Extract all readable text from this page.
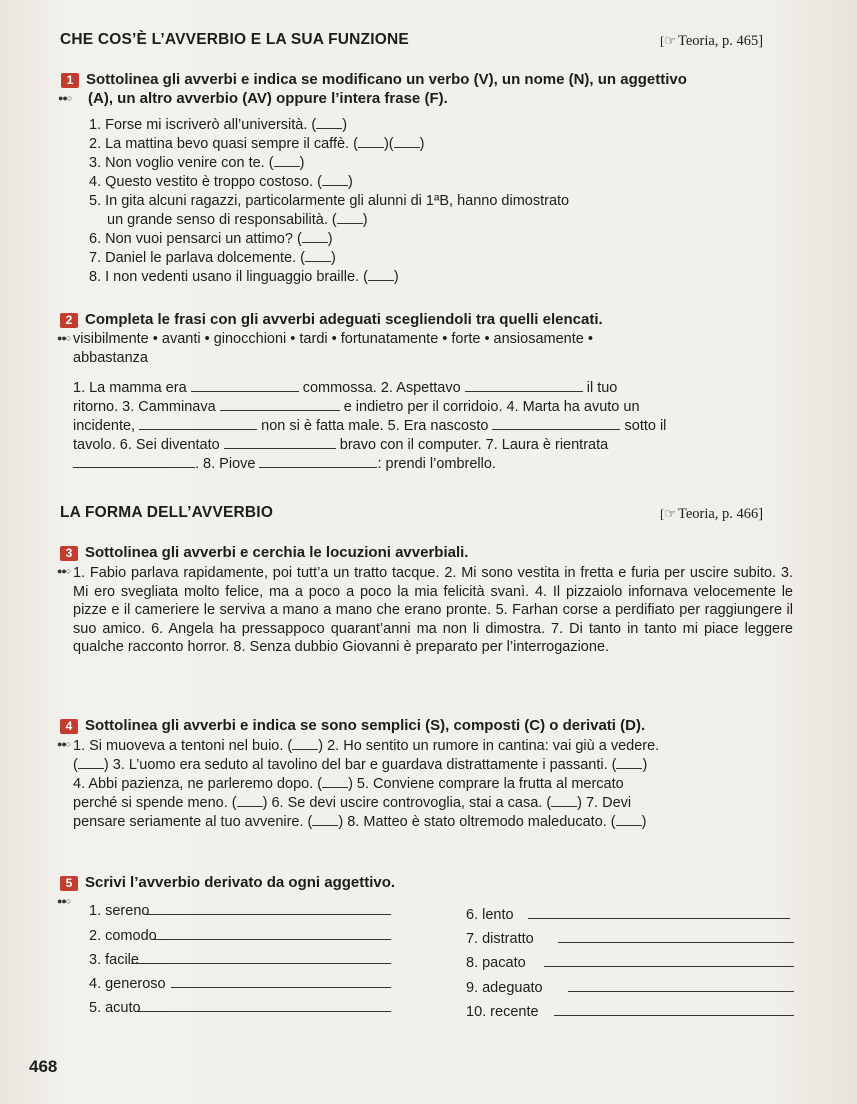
CHE COS’È L’AVVERBIO E LA SUA FUNZIONE	[☞ Teoria, p. 465]
1
●●○
Sottolinea gli avverbi e indica se modificano un verbo (V), un nome (N), un aggettivo
(A), un altro avverbio (AV) oppure l’intera frase (F).
1. Forse mi iscriverò all’università. ( )
2. La mattina bevo quasi sempre il caffè. ( )( )
3. Non voglio venire con te. ( )
4. Questo vestito è troppo costoso. ( )
5. In gita alcuni ragazzi, particolarmente gli alunni di 1ªB, hanno dimostrato
un grande senso di responsabilità. ( )
6. Non vuoi pensarci un attimo? ( )
7. Daniel le parlava dolcemente. ( )
8. I non vedenti usano il linguaggio braille. ( )
2
●●○
Completa le frasi con gli avverbi adeguati scegliendoli tra quelli elencati.
visibilmente • avanti • ginocchioni • tardi • fortunatamente • forte • ansiosamente •
abbastanza
1. La mamma era	commossa. 2. Aspettavo	il tuo
ritorno. 3. Camminava	e indietro per il corridoio. 4. Marta ha avuto un
incidente,	non si è fatta male. 5. Era nascosto	sotto il
tavolo. 6. Sei diventato	bravo con il computer. 7. Laura è rientrata
. 8. Piove	: prendi l’ombrello.
LA FORMA DELL’AVVERBIO	[☞ Teoria, p. 466]
3
●●○
Sottolinea gli avverbi e cerchia le locuzioni avverbiali.
1. Fabio parlava rapidamente, poi tutt’a un tratto tacque. 2. Mi sono vestita in fretta e furia per uscire subito. 3. Mi ero svegliata molto felice, ma a poco a poco la mia felicità svanì. 4. Il pizzaiolo infornava velocemente le pizze e il cameriere le serviva a mano a mano che erano pronte. 5. Farhan corse a perdifiato per raggiungere il suo amico. 6. Angela ha pressappoco quarant’anni ma non li dimostra. 7. Di tanto in tanto mi piace leggere qualche racconto horror. 8. Senza dubbio Giovanni è preparato per l’interrogazione.
4
●●○
Sottolinea gli avverbi e indica se sono semplici (S), composti (C) o derivati (D).
1. Si muoveva a tentoni nel buio. ( ) 2. Ho sentito un rumore in cantina: vai giù a vedere.
( ) 3. L’uomo era seduto al tavolino del bar e guardava distrattamente i passanti. ( )
4. Abbi pazienza, ne parleremo dopo. ( ) 5. Conviene comprare la frutta al mercato
perché si spende meno. ( ) 6. Se devi uscire controvoglia, stai a casa. ( ) 7. Devi
pensare seriamente al tuo avvenire. ( ) 8. Matteo è stato oltremodo maleducato. ( )
5
●●○
Scrivi l’avverbio derivato da ogni aggettivo.
1. sereno
2. comodo
3. facile
4. generoso
5. acuto
6. lento
7. distratto
8. pacato
9. adeguato
10. recente
468
